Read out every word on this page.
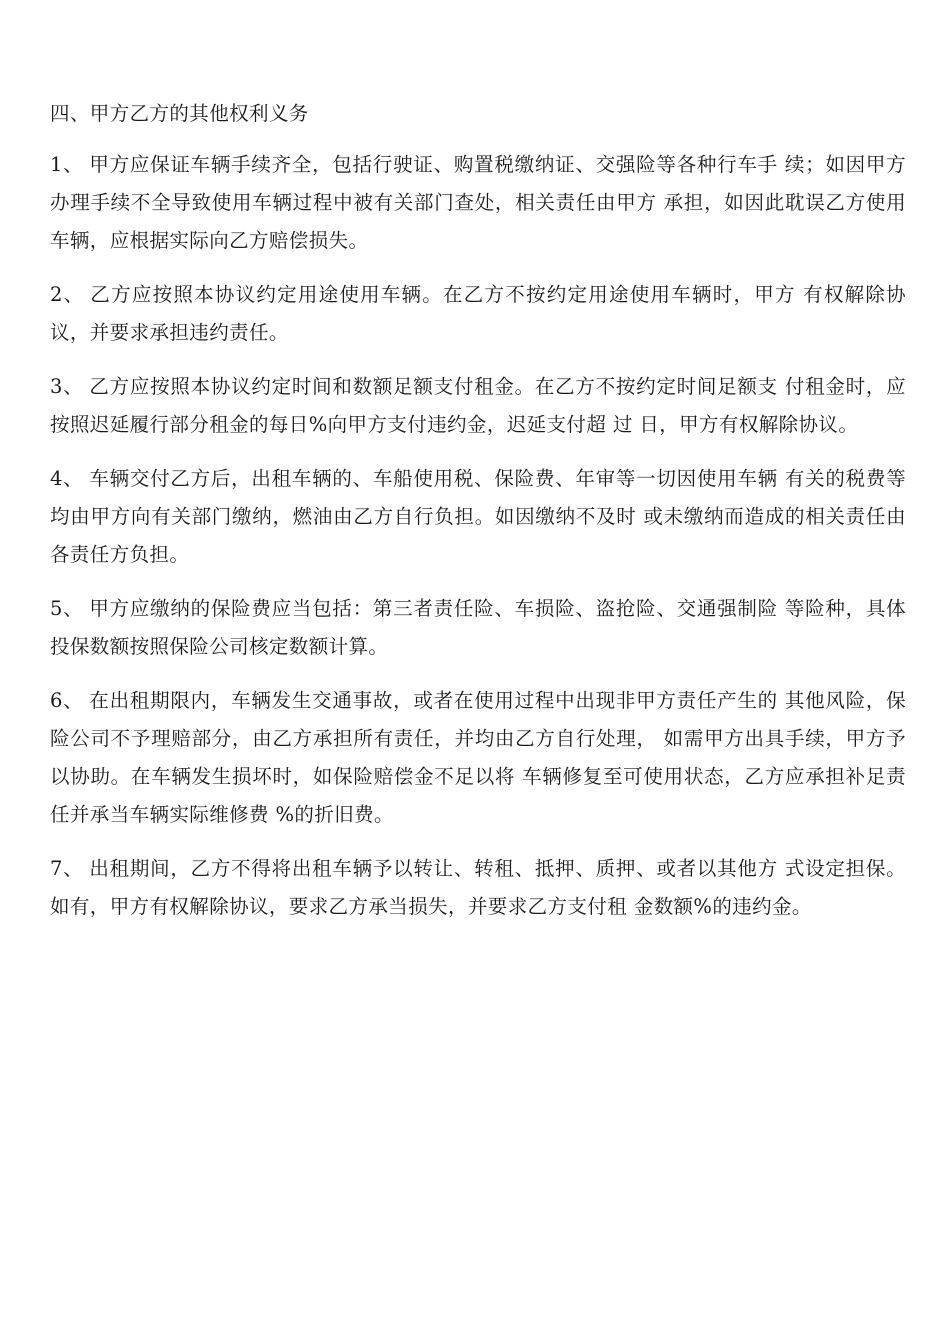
四、甲方乙方的其他权利义务

1、 甲方应保证车辆手续齐全，包括行驶证、购置税缴纳证、交强险等各种行车手 续；如因甲方办理手续不全导致使用车辆过程中被有关部门查处，相关责任由甲方 承担，如因此耽误乙方使用车辆，应根据实际向乙方赔偿损失。

2、 乙方应按照本协议约定用途使用车辆。在乙方不按约定用途使用车辆时，甲方 有权解除协议，并要求承担违约责任。

3、 乙方应按照本协议约定时间和数额足额支付租金。在乙方不按约定时间足额支 付租金时，应按照迟延履行部分租金的每日%向甲方支付违约金，迟延支付超 过 日，甲方有权解除协议。

4、 车辆交付乙方后，出租车辆的、车船使用税、保险费、年审等一切因使用车辆 有关的税费等均由甲方向有关部门缴纳，燃油由乙方自行负担。如因缴纳不及时 或未缴纳而造成的相关责任由各责任方负担。

5、 甲方应缴纳的保险费应当包括：第三者责任险、车损险、盗抢险、交通强制险 等险种，具体投保数额按照保险公司核定数额计算。

6、 在出租期限内，车辆发生交通事故，或者在使用过程中出现非甲方责任产生的 其他风险，保险公司不予理赔部分，由乙方承担所有责任，并均由乙方自行处理， 如需甲方出具手续，甲方予以协助。在车辆发生损坏时，如保险赔偿金不足以将 车辆修复至可使用状态，乙方应承担补足责任并承当车辆实际维修费 %的折旧费。

7、 出租期间，乙方不得将出租车辆予以转让、转租、抵押、质押、或者以其他方 式设定担保。如有，甲方有权解除协议，要求乙方承当损失，并要求乙方支付租 金数额%的违约金。
